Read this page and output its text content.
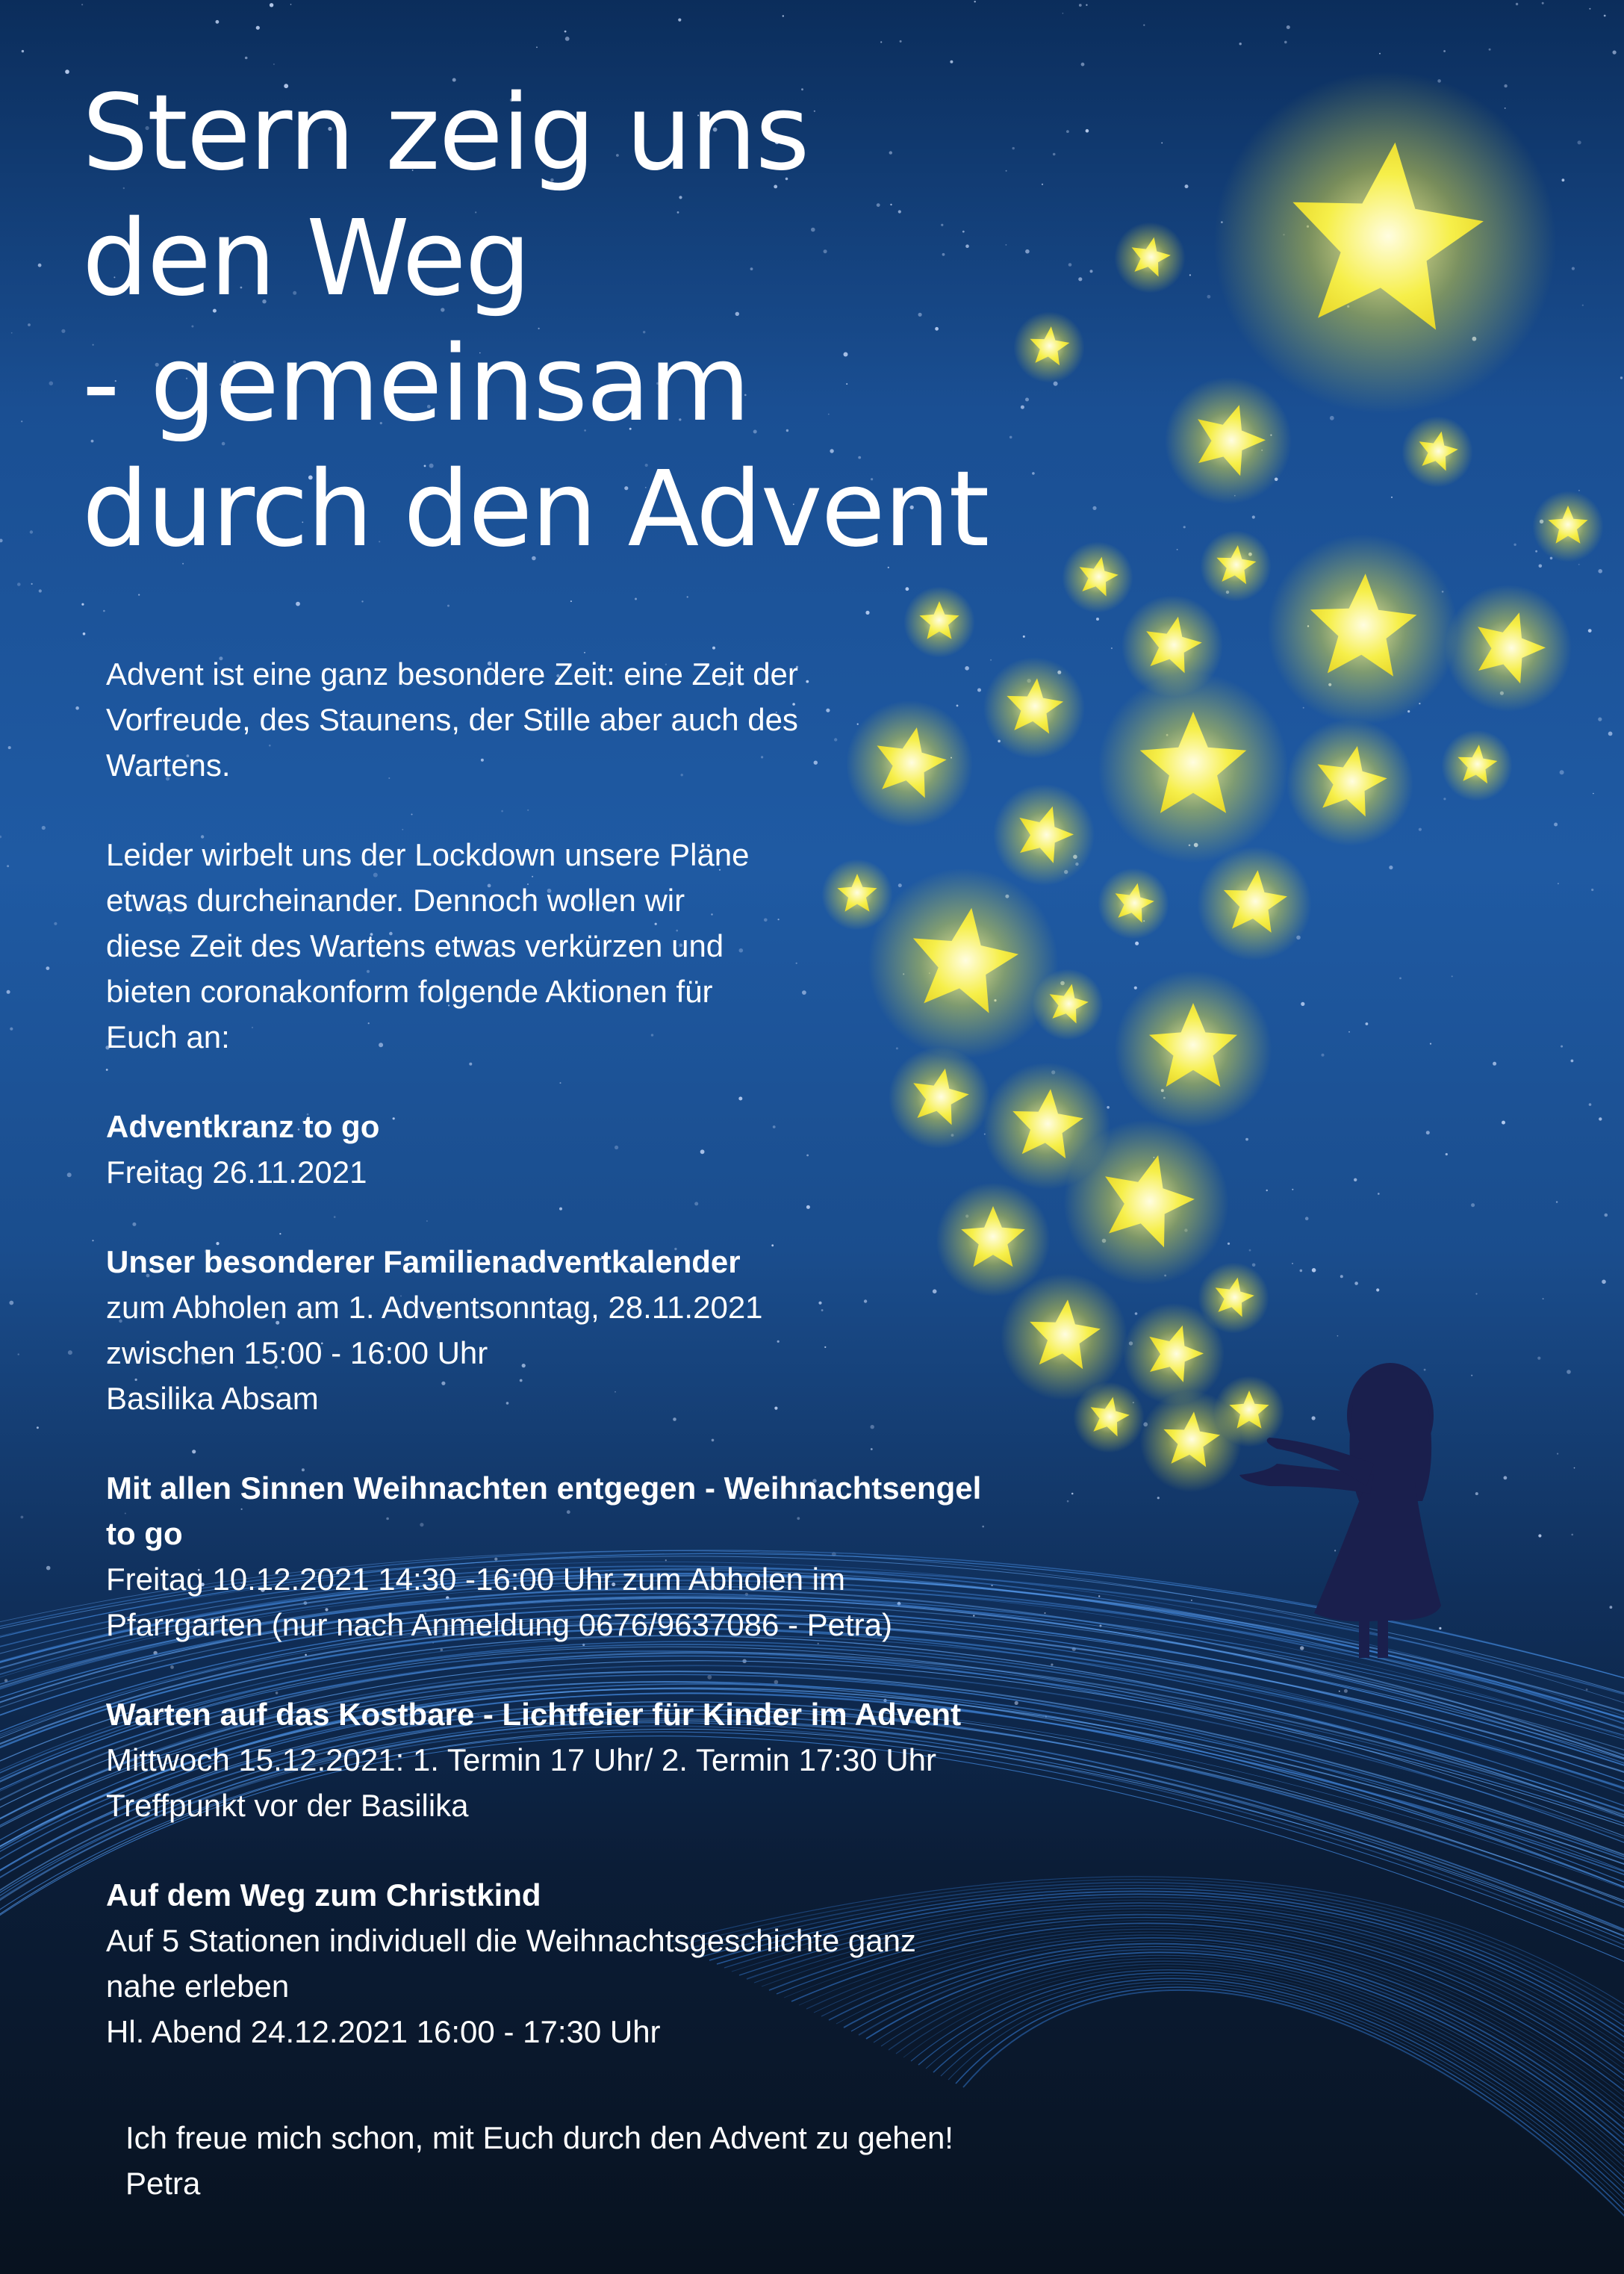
Stern zeig uns
den Weg
- gemeinsam
durch den Advent

Advent ist eine ganz besondere Zeit: eine Zeit der
Vorfreude, des Staunens, der Stille aber auch des
Wartens.

Leider wirbelt uns der Lockdown unsere Pläne
etwas durcheinander. Dennoch wollen wir
diese Zeit des Wartens etwas verkürzen und
bieten coronakonform folgende Aktionen für
Euch an:

Adventkranz to go
Freitag 26.11.2021

Unser besonderer Familienadventkalender
zum Abholen am 1. Adventsonntag, 28.11.2021
zwischen 15:00 - 16:00 Uhr
Basilika Absam

Mit allen Sinnen Weihnachten entgegen - Weihnachtsengel
to go
Freitag 10.12.2021 14:30 -16:00 Uhr zum Abholen im
Pfarrgarten (nur nach Anmeldung 0676/9637086 - Petra)

Warten auf das Kostbare - Lichtfeier für Kinder im Advent
Mittwoch 15.12.2021: 1. Termin 17 Uhr/ 2. Termin 17:30 Uhr
Treffpunkt vor der Basilika

Auf dem Weg zum Christkind
Auf 5 Stationen individuell die Weihnachtsgeschichte ganz
nahe erleben
Hl. Abend 24.12.2021 16:00 - 17:30 Uhr

Ich freue mich schon, mit Euch durch den Advent zu gehen!
Petra
